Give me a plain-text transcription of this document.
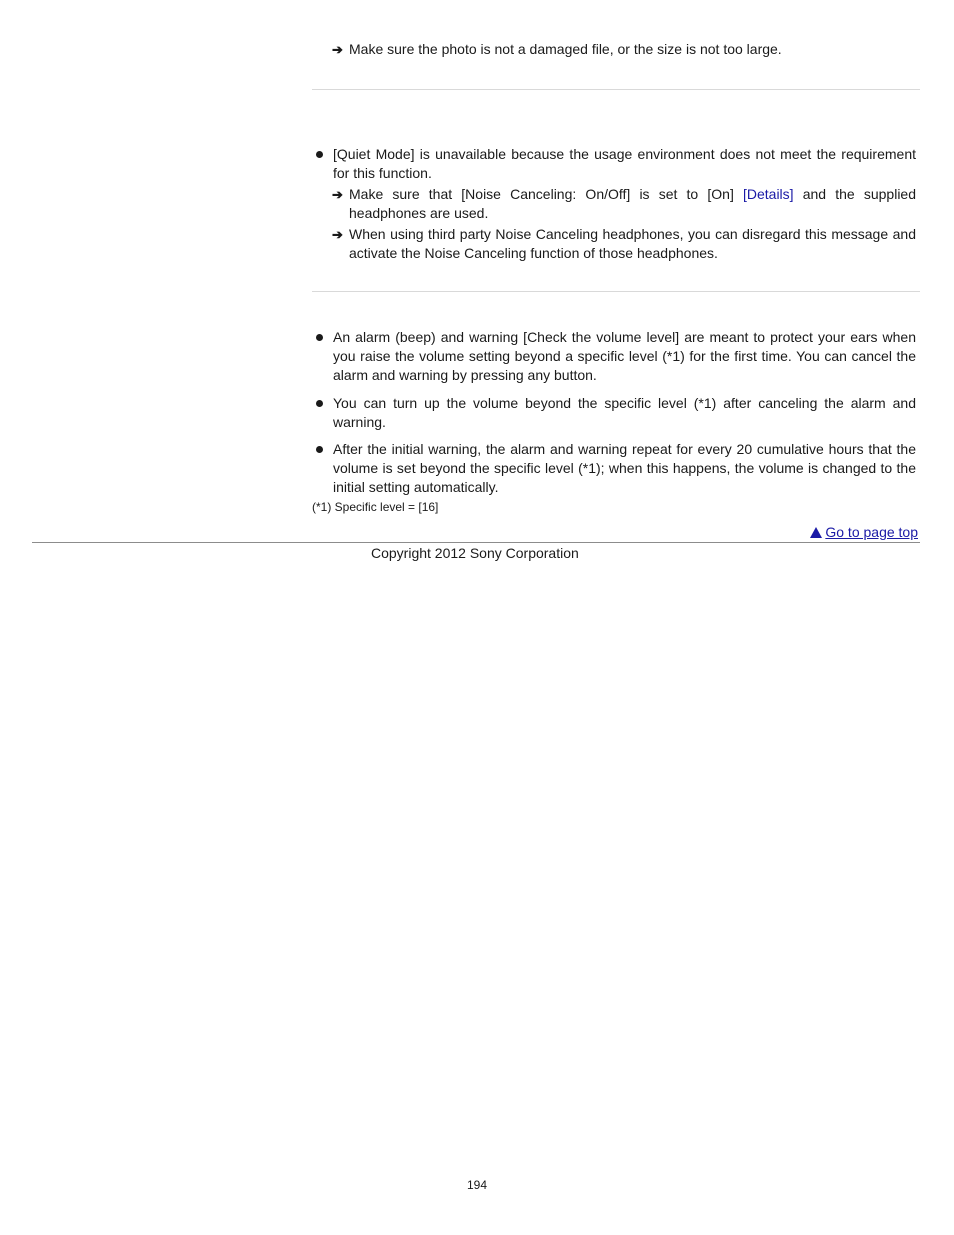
➔ Make sure the photo is not a damaged file, or the size is not too large.
[Quiet Mode] is unavailable because the usage environment does not meet the requirement for this function.
➔ Make sure that [Noise Canceling: On/Off] is set to [On] [Details] and the supplied headphones are used.
➔ When using third party Noise Canceling headphones, you can disregard this message and activate the Noise Canceling function of those headphones.
An alarm (beep) and warning [Check the volume level] are meant to protect your ears when you raise the volume setting beyond a specific level (*1) for the first time. You can cancel the alarm and warning by pressing any button.
You can turn up the volume beyond the specific level (*1) after canceling the alarm and warning.
After the initial warning, the alarm and warning repeat for every 20 cumulative hours that the volume is set beyond the specific level (*1); when this happens, the volume is changed to the initial setting automatically.
(*1) Specific level = [16]
Go to page top
Copyright 2012 Sony Corporation
194
